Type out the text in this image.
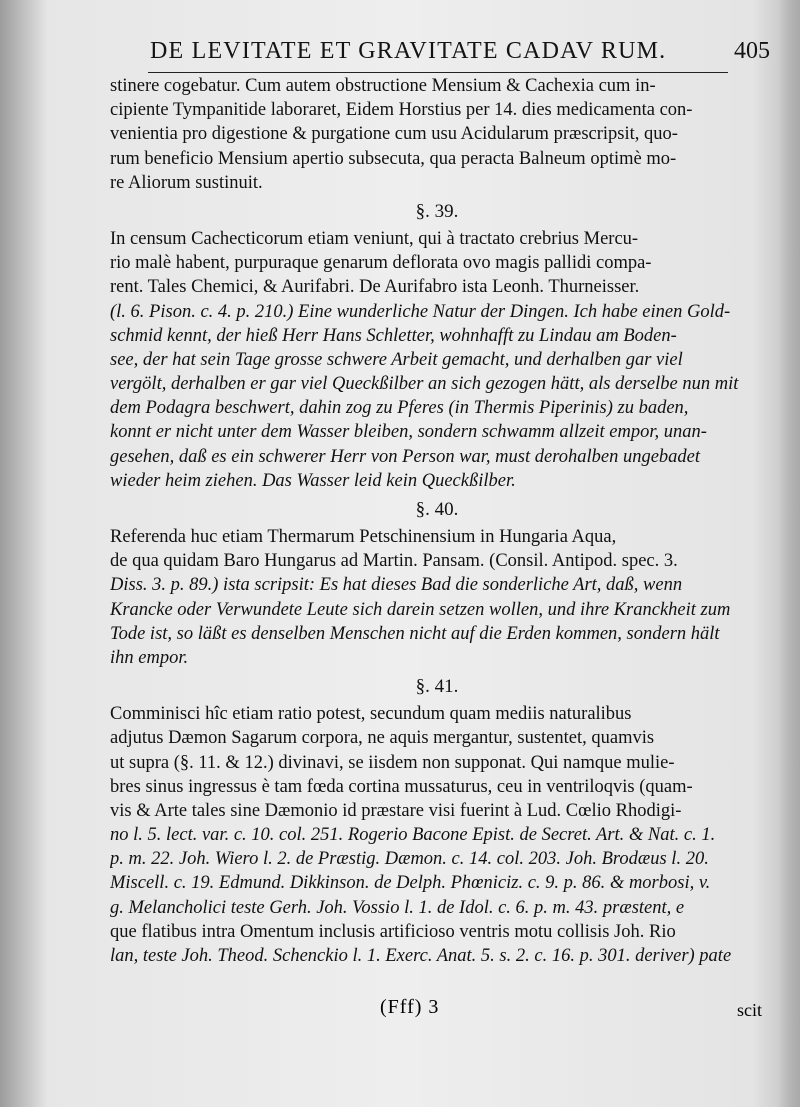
DE LEVITATE ET GRAVITATE CADAV RUM.	405
stinere cogebatur. Cum autem obstructione Mensium & Cachexia cum in-
cipiente Tympanitide laboraret, Eidem Horstius per 14. dies medicamenta con-
venientia pro digestione & purgatione cum usu Acidularum præscripsit, quo-
rum beneficio Mensium apertio subsecuta, qua peracta Balneum optimè mo-
re Aliorum sustinuit.
§. 39.
In censum Cachecticorum etiam veniunt, qui à tractato crebrius Mercu-
rio malè habent, purpuraque genarum deflorata ovo magis pallidi compa-
rent. Tales Chemici, & Aurifabri. De Aurifabro ista Leonh. Thurneisser.
(l. 6. Pison. c. 4. p. 210.) Eine wunderliche Natur der Dingen. Ich habe einen Gold-
schmid kennt, der hieß Herr Hans Schletter, wohnhafft zu Lindau am Boden-
see, der hat sein Tage grosse schwere Arbeit gemacht, und derhalben gar viel
vergölt, derhalben er gar viel Queckßilber an sich gezogen hätt, als derselbe nun mit
dem Podagra beschwert, dahin zog zu Pferes (in Thermis Piperinis) zu baden,
konnt er nicht unter dem Wasser bleiben, sondern schwamm allzeit empor, unan-
gesehen, daß es ein schwerer Herr von Person war, must derohalben ungebadet
wieder heim ziehen. Das Wasser leid kein Queckßilber.
§. 40.
Referenda huc etiam Thermarum Petschinensium in Hungaria Aqua,
de qua quidam Baro Hungarus ad Martin. Pansam. (Consil. Antipod. spec. 3.
Diss. 3. p. 89.) ista scripsit: Es hat dieses Bad die sonderliche Art, daß, wenn
Krancke oder Verwundete Leute sich darein setzen wollen, und ihre Kranckheit zum
Tode ist, so läßt es denselben Menschen nicht auf die Erden kommen, sondern hält
ihn empor.
§. 41.
Comminisci hîc etiam ratio potest, secundum quam mediis naturalibus
adjutus Dæmon Sagarum corpora, ne aquis mergantur, sustentet, quamvis
ut supra (§. 11. & 12.) divinavi, se iisdem non supponat. Qui namque mulie-
bres sinus ingressus è tam fœda cortina mussaturus, ceu in ventriloqvis (quam-
vis & Arte tales sine Dæmonio id præstare visi fuerint à Lud. Cœlio Rhodigi-
no l. 5. lect. var. c. 10. col. 251. Rogerio Bacone Epist. de Secret. Art. & Nat. c. 1.
p. m. 22. Joh. Wiero l. 2. de Præstig. Dæmon. c. 14. col. 203. Joh. Brodæus l. 20.
Miscell. c. 19. Edmund. Dikkinson. de Delph. Phœniciz. c. 9. p. 86. & morbosi, v.
g. Melancholici teste Gerh. Joh. Vossio l. 1. de Idol. c. 6. p. m. 43. præstent, e
que flatibus intra Omentum inclusis artificioso ventris motu collisis Joh. Rio
lan, teste Joh. Theod. Schenckio l. 1. Exerc. Anat. 5. s. 2. c. 16. p. 301. deriver) pate
(Fff) 3	scit
